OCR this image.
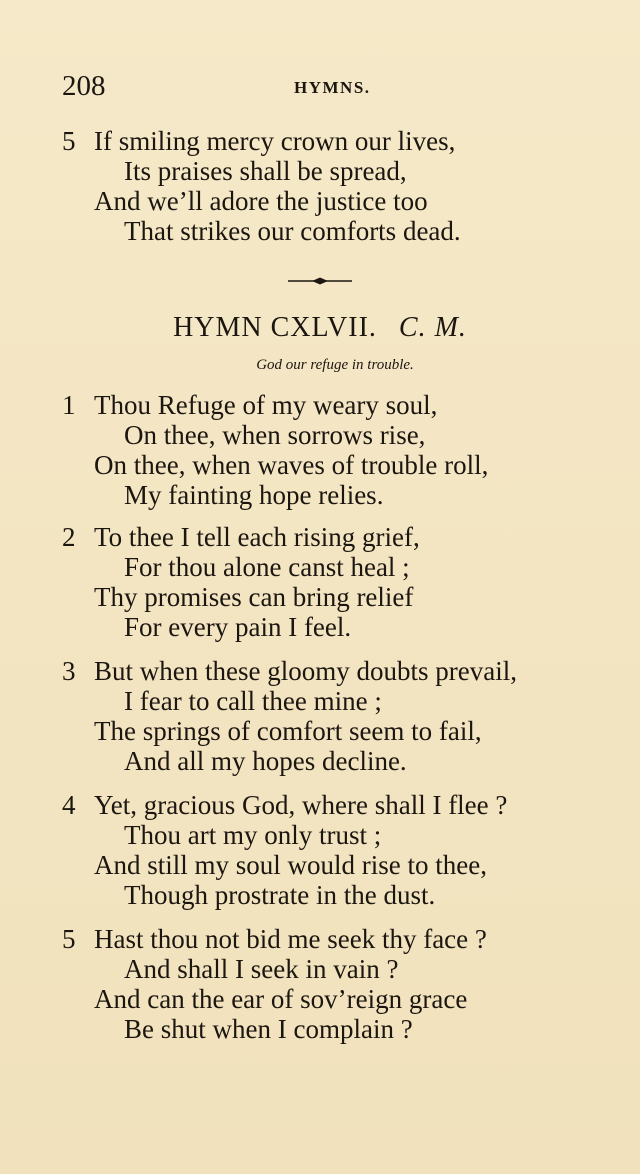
208	HYMNS.
5 If smiling mercy crown our lives,
Its praises shall be spread,
And we’ll adore the justice too
That strikes our comforts dead.
HYMN CXLVII. C. M.
God our refuge in trouble.
1 Thou Refuge of my weary soul,
On thee, when sorrows rise,
On thee, when waves of trouble roll,
My fainting hope relies.
2 To thee I tell each rising grief,
For thou alone canst heal ;
Thy promises can bring relief
For every pain I feel.
3 But when these gloomy doubts prevail,
I fear to call thee mine ;
The springs of comfort seem to fail,
And all my hopes decline.
4 Yet, gracious God, where shall I flee ?
Thou art my only trust ;
And still my soul would rise to thee,
Though prostrate in the dust.
5 Hast thou not bid me seek thy face ?
And shall I seek in vain ?
And can the ear of sov’reign grace
Be shut when I complain ?
